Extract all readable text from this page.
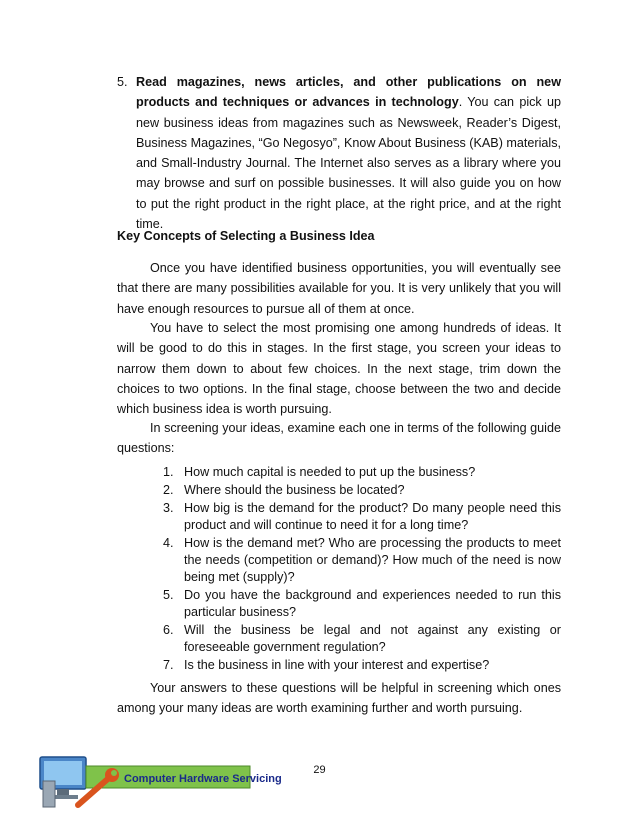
5. Read magazines, news articles, and other publications on new products and techniques or advances in technology. You can pick up new business ideas from magazines such as Newsweek, Reader’s Digest, Business Magazines, “Go Negosyo”, Know About Business (KAB) materials, and Small-Industry Journal. The Internet also serves as a library where you may browse and surf on possible businesses. It will also guide you on how to put the right product in the right place, at the right price, and at the right time.
Key Concepts of Selecting a Business Idea
Once you have identified business opportunities, you will eventually see that there are many possibilities available for you. It is very unlikely that you will have enough resources to pursue all of them at once.
You have to select the most promising one among hundreds of ideas. It will be good to do this in stages. In the first stage, you screen your ideas to narrow them down to about few choices. In the next stage, trim down the choices to two options. In the final stage, choose between the two and decide which business idea is worth pursuing.
In screening your ideas, examine each one in terms of the following guide questions:
1. How much capital is needed to put up the business?
2. Where should the business be located?
3. How big is the demand for the product? Do many people need this product and will continue to need it for a long time?
4. How is the demand met? Who are processing the products to meet the needs (competition or demand)? How much of the need is now being met (supply)?
5. Do you have the background and experiences needed to run this particular business?
6. Will the business be legal and not against any existing or foreseeable government regulation?
7. Is the business in line with your interest and expertise?
Your answers to these questions will be helpful in screening which ones among your many ideas are worth examining further and worth pursuing.
Computer Hardware Servicing
29
